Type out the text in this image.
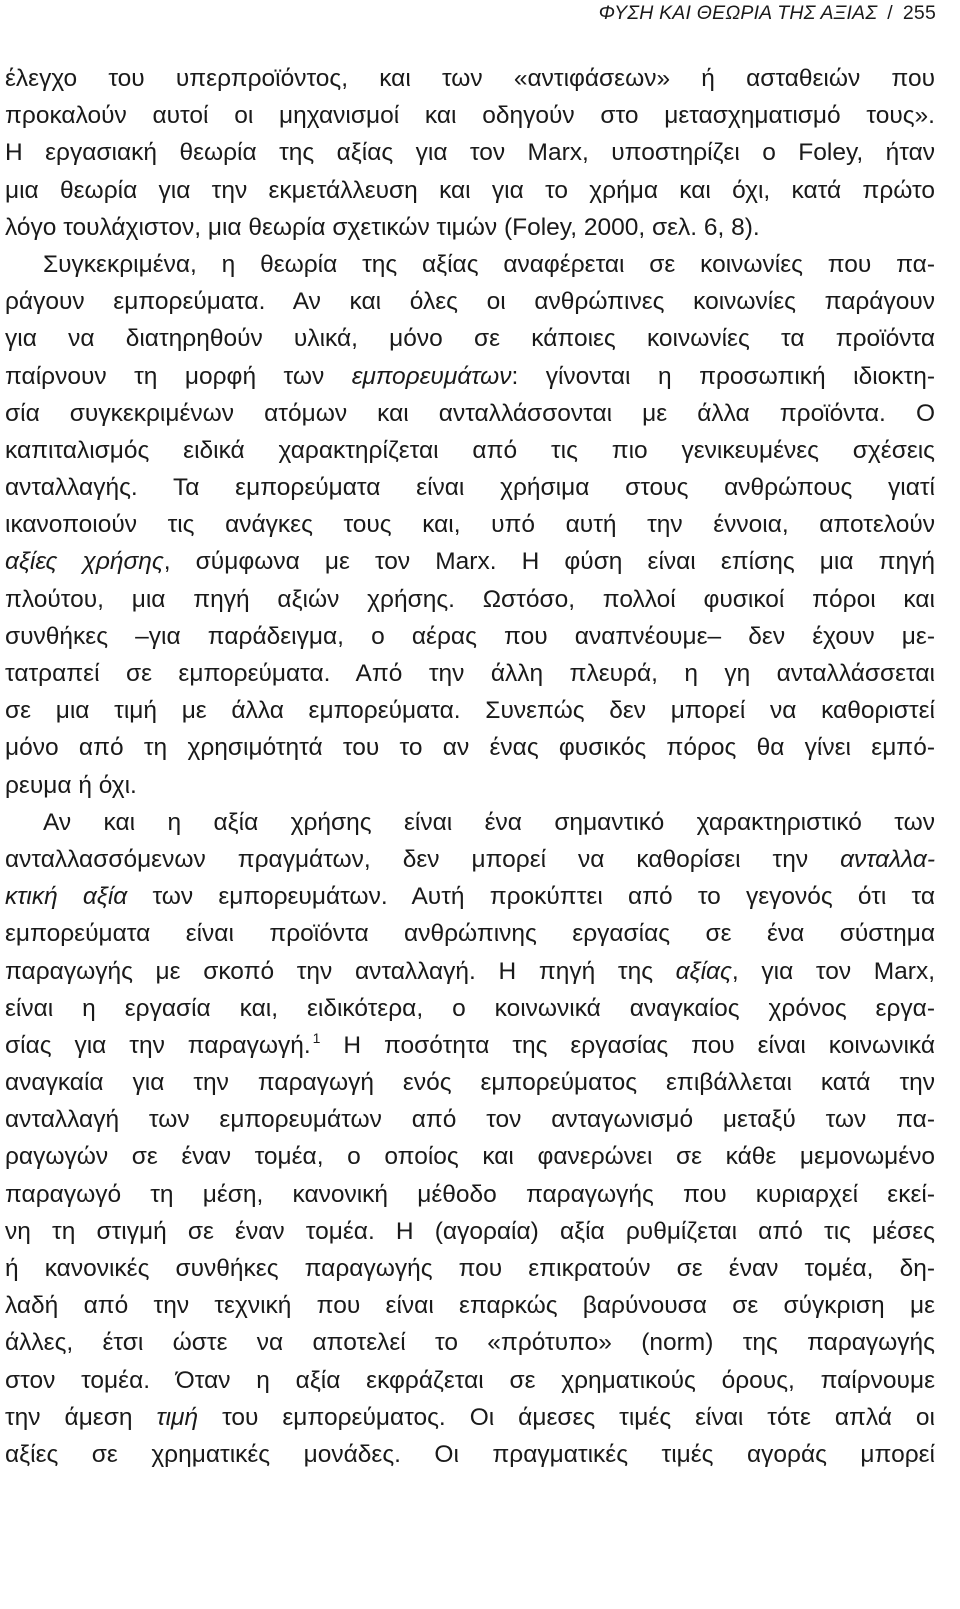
ΦΥΣΗ ΚΑΙ ΘΕΩΡΙΑ ΤΗΣ ΑΞΙΑΣ / 255
έλεγχο του υπερπροϊόντος, και των «αντιφάσεων» ή ασταθειών που
προκαλούν αυτοί οι μηχανισμοί και οδηγούν στο μετασχηματισμό τους».
Η εργασιακή θεωρία της αξίας για τον Marx, υποστηρίζει ο Foley, ήταν
μια θεωρία για την εκμετάλλευση και για το χρήμα και όχι, κατά πρώτο
λόγο τουλάχιστον, μια θεωρία σχετικών τιμών (Foley, 2000, σελ. 6, 8).
Συγκεκριμένα, η θεωρία της αξίας αναφέρεται σε κοινωνίες που πα-
ράγουν εμπορεύματα. Αν και όλες οι ανθρώπινες κοινωνίες παράγουν
για να διατηρηθούν υλικά, μόνο σε κάποιες κοινωνίες τα προϊόντα
παίρνουν τη μορφή των εμπορευμάτων: γίνονται η προσωπική ιδιοκτη-
σία συγκεκριμένων ατόμων και ανταλλάσσονται με άλλα προϊόντα. Ο
καπιταλισμός ειδικά χαρακτηρίζεται από τις πιο γενικευμένες σχέσεις
ανταλλαγής. Τα εμπορεύματα είναι χρήσιμα στους ανθρώπους γιατί
ικανοποιούν τις ανάγκες τους και, υπό αυτή την έννοια, αποτελούν
αξίες χρήσης, σύμφωνα με τον Marx. Η φύση είναι επίσης μια πηγή
πλούτου, μια πηγή αξιών χρήσης. Ωστόσο, πολλοί φυσικοί πόροι και
συνθήκες –για παράδειγμα, ο αέρας που αναπνέουμε– δεν έχουν με-
τατραπεί σε εμπορεύματα. Από την άλλη πλευρά, η γη ανταλλάσσεται
σε μια τιμή με άλλα εμπορεύματα. Συνεπώς δεν μπορεί να καθοριστεί
μόνο από τη χρησιμότητά του το αν ένας φυσικός πόρος θα γίνει εμπό-
ρευμα ή όχι.
Αν και η αξία χρήσης είναι ένα σημαντικό χαρακτηριστικό των
ανταλλασσόμενων πραγμάτων, δεν μπορεί να καθορίσει την ανταλλα-
κτική αξία των εμπορευμάτων. Αυτή προκύπτει από το γεγονός ότι τα
εμπορεύματα είναι προϊόντα ανθρώπινης εργασίας σε ένα σύστημα
παραγωγής με σκοπό την ανταλλαγή. Η πηγή της αξίας, για τον Marx,
είναι η εργασία και, ειδικότερα, ο κοινωνικά αναγκαίος χρόνος εργα-
σίας για την παραγωγή. $^1$ Η ποσότητα της εργασίας που είναι κοινωνικά
αναγκαία για την παραγωγή ενός εμπορεύματος επιβάλλεται κατά την
ανταλλαγή των εμπορευμάτων από τον ανταγωνισμό μεταξύ των πα-
ραγωγών σε έναν τομέα, ο οποίος και φανερώνει σε κάθε μεμονωμένο
παραγωγό τη μέση, κανονική μέθοδο παραγωγής που κυριαρχεί εκεί-
νη τη στιγμή σε έναν τομέα. Η (αγοραία) αξία ρυθμίζεται από τις μέσες
ή κανονικές συνθήκες παραγωγής που επικρατούν σε έναν τομέα, δη-
λαδή από την τεχνική που είναι επαρκώς βαρύνουσα σε σύγκριση με
άλλες, έτσι ώστε να αποτελεί το «πρότυπο» (norm) της παραγωγής
στον τομέα. Όταν η αξία εκφράζεται σε χρηματικούς όρους, παίρνουμε
την άμεση τιμή του εμπορεύματος. Οι άμεσες τιμές είναι τότε απλά οι
αξίες σε χρηματικές μονάδες. Οι πραγματικές τιμές αγοράς μπορεί
